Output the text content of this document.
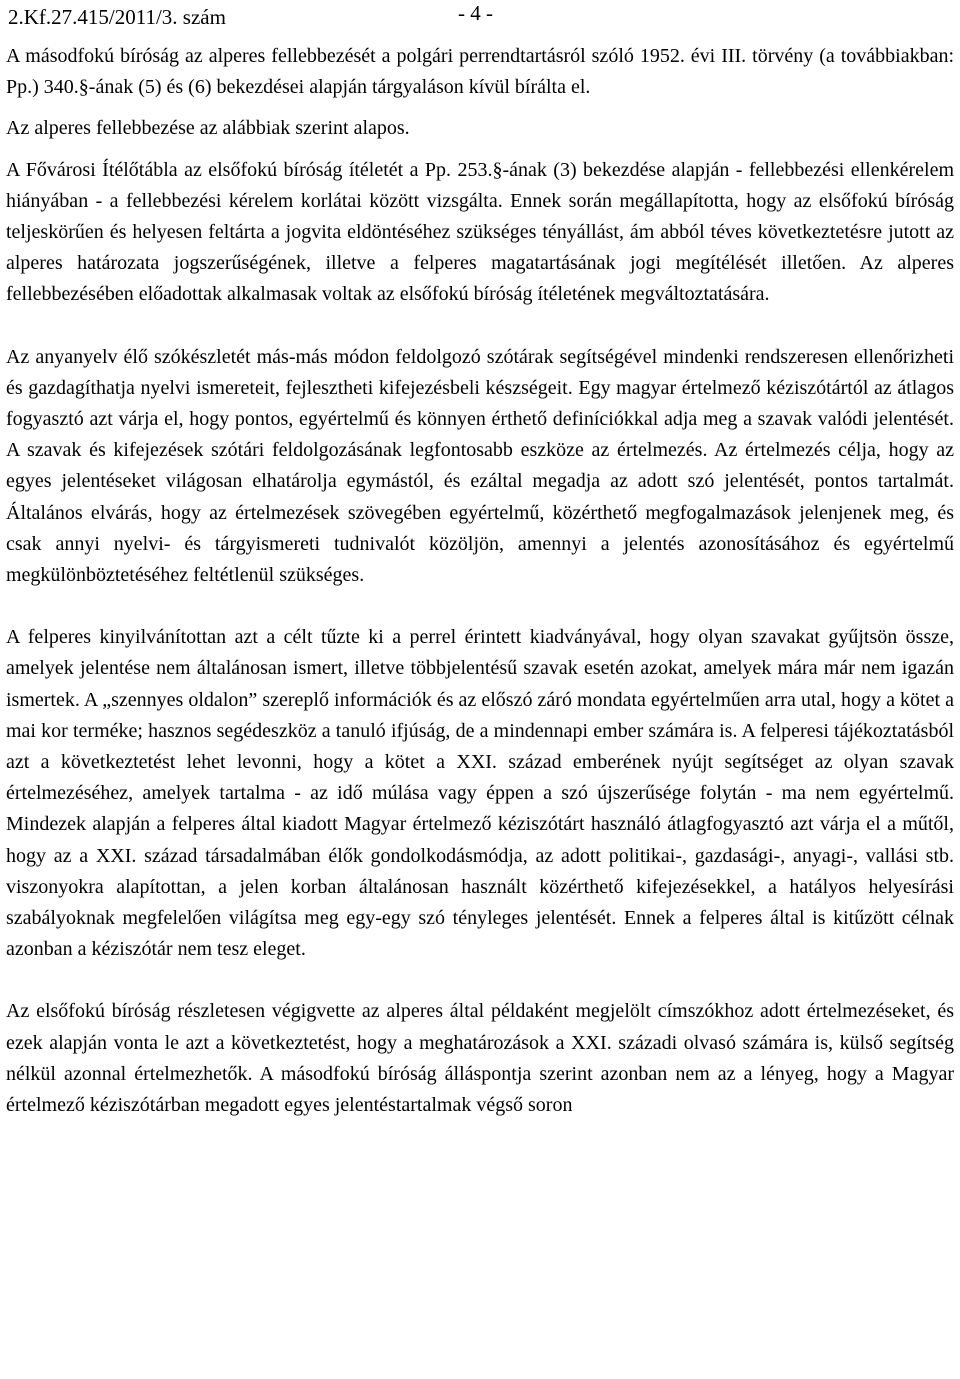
2.Kf.27.415/2011/3. szám	- 4 -

A másodfokú bíróság az alperes fellebbezését a polgári perrendtartásról szóló 1952. évi III. törvény (a továbbiakban: Pp.) 340.§-ának (5) és (6) bekezdései alapján tárgyaláson kívül bírálta el.

Az alperes fellebbezése az alábbiak szerint alapos.

A Fővárosi Ítélőtábla az elsőfokú bíróság ítéletét a Pp. 253.§-ának (3) bekezdése alapján - fellebbezési ellenkérelem hiányában - a fellebbezési kérelem korlátai között vizsgálta. Ennek során megállapította, hogy az elsőfokú bíróság teljeskörűen és helyesen feltárta a jogvita eldöntéséhez szükséges tényállást, ám abból téves következtetésre jutott az alperes határozata jogszerűségének, illetve a felperes magatartásának jogi megítélését illetően. Az alperes fellebbezésében előadottak alkalmasak voltak az elsőfokú bíróság ítéletének megváltoztatására.

Az anyanyelv élő szókészletét más-más módon feldolgozó szótárak segítségével mindenki rendszeresen ellenőrizheti és gazdagíthatja nyelvi ismereteit, fejlesztheti kifejezésbeli készségeit. Egy magyar értelmező kéziszótártól az átlagos fogyasztó azt várja el, hogy pontos, egyértelmű és könnyen érthető definíciókkal adja meg a szavak valódi jelentését. A szavak és kifejezések szótári feldolgozásának legfontosabb eszköze az értelmezés. Az értelmezés célja, hogy az egyes jelentéseket világosan elhatárolja egymástól, és ezáltal megadja az adott szó jelentését, pontos tartalmát. Általános elvárás, hogy az értelmezések szövegében egyértelmű, közérthető megfogalmazások jelenjenek meg, és csak annyi nyelvi- és tárgyismereti tudnivalót közöljön, amennyi a jelentés azonosításához és egyértelmű megkülönböztetéséhez feltétlenül szükséges.

A felperes kinyilvánítottan azt a célt tűzte ki a perrel érintett kiadványával, hogy olyan szavakat gyűjtsön össze, amelyek jelentése nem általánosan ismert, illetve többjelentésű szavak esetén azokat, amelyek mára már nem igazán ismertek. A „szennyes oldalon” szereplő információk és az előszó záró mondata egyértelműen arra utal, hogy a kötet a mai kor terméke; hasznos segédeszköz a tanuló ifjúság, de a mindennapi ember számára is. A felperesi tájékoztatásból azt a következtetést lehet levonni, hogy a kötet a XXI. század emberének nyújt segítséget az olyan szavak értelmezéséhez, amelyek tartalma - az idő múlása vagy éppen a szó újszerűsége folytán - ma nem egyértelmű. Mindezek alapján a felperes által kiadott Magyar értelmező kéziszótárt használó átlagfogyasztó azt várja el a műtől, hogy az a XXI. század társadalmában élők gondolkodásmódja, az adott politikai-, gazdasági-, anyagi-, vallási stb. viszonyokra alapítottan, a jelen korban általánosan használt közérthető kifejezésekkel, a hatályos helyesírási szabályoknak megfelelően világítsa meg egy-egy szó tényleges jelentését. Ennek a felperes által is kitűzött célnak azonban a kéziszótár nem tesz eleget.

Az elsőfokú bíróság részletesen végigvette az alperes által példaként megjelölt címszókhoz adott értelmezéseket, és ezek alapján vonta le azt a következtetést, hogy a meghatározások a XXI. századi olvasó számára is, külső segítség nélkül azonnal értelmezhetők. A másodfokú bíróság álláspontja szerint azonban nem az a lényeg, hogy a Magyar értelmező kéziszótárban megadott egyes jelentéstartalmak végső soron
